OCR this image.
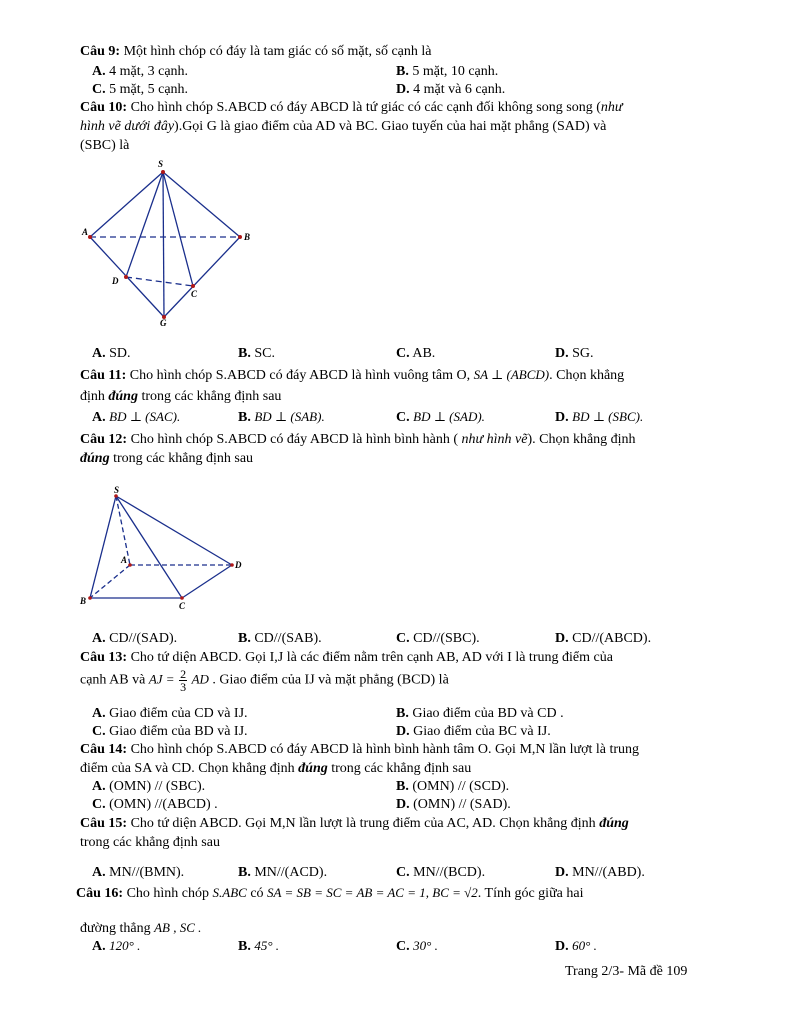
Câu 9: Một hình chóp có đáy là tam giác có số mặt, số cạnh là
A. 4 mặt, 3 cạnh.	B. 5 mặt, 10 cạnh.
C. 5 mặt, 5 cạnh.	D. 4 mặt và 6 cạnh.
Câu 10: Cho hình chóp S.ABCD có đáy ABCD là tứ giác có các cạnh đối không song song (như
hình vẽ dưới đây).Gọi G là giao điểm của AD và BC. Giao tuyến của hai mặt phẳng (SAD) và
(SBC) là
S
A	B
D
C
G
A. SD.	B. SC.	C. AB.	D. SG.
Câu 11: Cho hình chóp S.ABCD có đáy ABCD là hình vuông tâm O, SA ⊥ (ABCD). Chọn khẳng
định đúng trong các khẳng định sau
A. BD ⊥ (SAC).	B. BD ⊥ (SAB).	C. BD ⊥ (SAD).	D. BD ⊥ (SBC).
Câu 12: Cho hình chóp S.ABCD có đáy ABCD là hình bình hành ( như hình vẽ). Chọn khẳng định
đúng trong các khẳng định sau
S
A
B	C
D
A. CD//(SAD).	B. CD//(SAB).	C. CD//(SBC).	D. CD//(ABCD).
Câu 13: Cho tứ diện ABCD. Gọi I,J là các điểm nằm trên cạnh AB, AD với I là trung điểm của
cạnh AB và AJ = $\frac{2}{3}$ AD . Giao điểm của IJ và mặt phẳng (BCD) là
A. Giao điểm của CD và IJ.	B. Giao điểm của BD và CD .
C. Giao điểm của BD và IJ.	D. Giao điểm của BC và IJ.
Câu 14: Cho hình chóp S.ABCD có đáy ABCD là hình bình hành tâm O. Gọi M,N lần lượt là trung
điểm của SA và CD. Chọn khẳng định đúng trong các khẳng định sau
A. (OMN) // (SBC).	B. (OMN) // (SCD).
C. (OMN) //(ABCD) .	D. (OMN) // (SAD).
Câu 15: Cho tứ diện ABCD. Gọi M,N lần lượt là trung điểm của AC, AD. Chọn khẳng định đúng
trong các khẳng định sau
A. MN//(BMN).	B. MN//(ACD).	C. MN//(BCD).	D. MN//(ABD).
Câu 16: Cho hình chóp S.ABC có SA = SB = SC = AB = AC = 1, BC = √2. Tính góc giữa hai
đường thẳng AB , SC .
A. 120° .	B. 45° .	C. 30° .	D. 60° .
Trang 2/3- Mã đề 109
